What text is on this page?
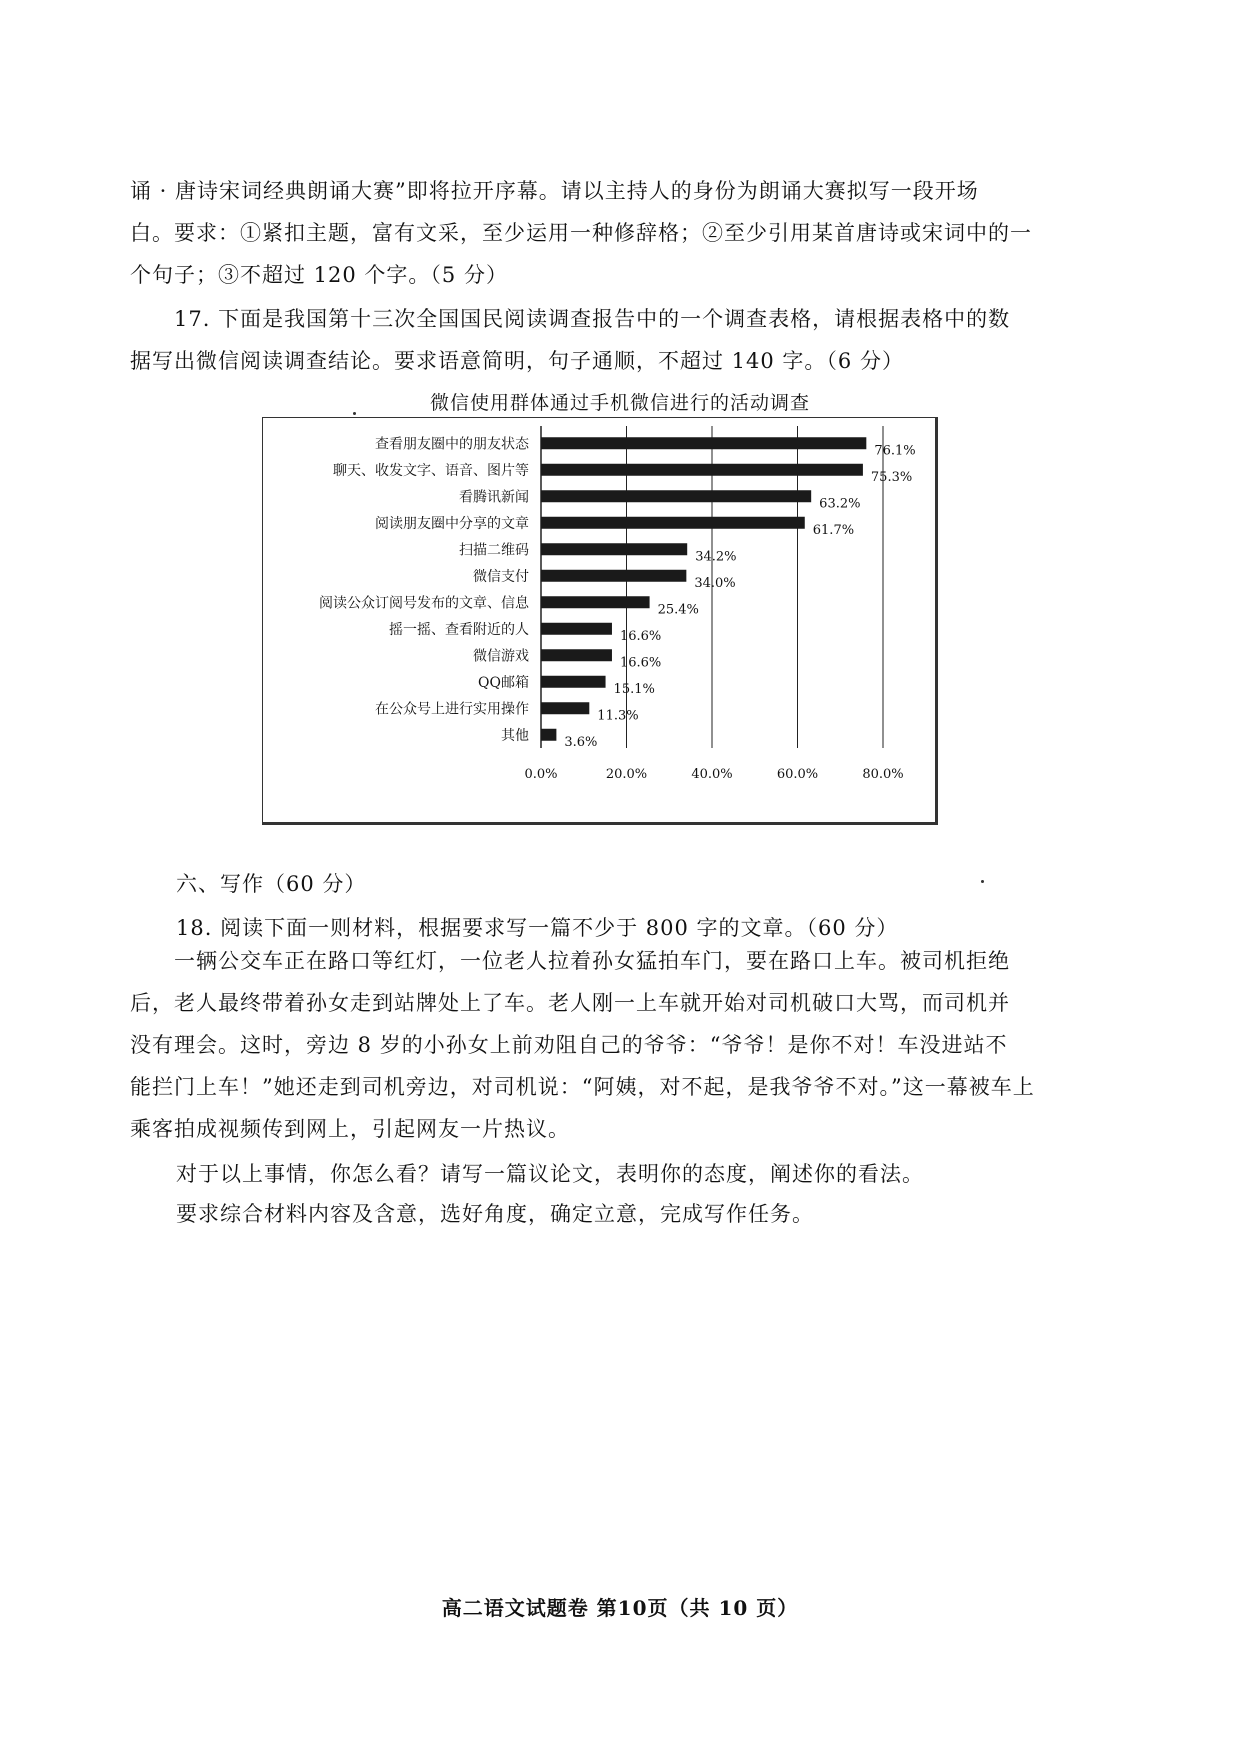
诵 · 唐诗宋词经典朗诵大赛”即将拉开序幕。请以主持人的身份为朗诵大赛拟写一段开场
白。要求：①紧扣主题，富有文采，至少运用一种修辞格；②至少引用某首唐诗或宋词中的一
个句子；③不超过 120 个字。（5 分）
17. 下面是我国第十三次全国国民阅读调查报告中的一个调查表格，请根据表格中的数
据写出微信阅读调查结论。要求语意简明，句子通顺，不超过 140 字。（6 分）
微信使用群体通过手机微信进行的活动调查
0.0%	20.0%	40.0%	60.0%	80.0%
查看朋友圈中的朋友状态	76.1%
聊天、收发文字、语音、图片等	75.3%
看腾讯新闻	63.2%
阅读朋友圈中分享的文章	61.7%
扫描二维码	34.2%
微信支付	34.0%
阅读公众订阅号发布的文章、信息	25.4%
摇一摇、查看附近的人	16.6%
微信游戏	16.6%
QQ邮箱	15.1%
在公众号上进行实用操作	11.3%
其他	3.6%
六、写作（60 分）
18. 阅读下面一则材料，根据要求写一篇不少于 800 字的文章。（60 分）
一辆公交车正在路口等红灯，一位老人拉着孙女猛拍车门，要在路口上车。被司机拒绝
后，老人最终带着孙女走到站牌处上了车。老人刚一上车就开始对司机破口大骂，而司机并
没有理会。这时，旁边 8 岁的小孙女上前劝阻自己的爷爷：“爷爷！是你不对！车没进站不
能拦门上车！”她还走到司机旁边，对司机说：“阿姨，对不起，是我爷爷不对。”这一幕被车上
乘客拍成视频传到网上，引起网友一片热议。
对于以上事情，你怎么看？请写一篇议论文，表明你的态度，阐述你的看法。
要求综合材料内容及含意，选好角度，确定立意，完成写作任务。
高二语文试题卷 第10页（共 10 页）
